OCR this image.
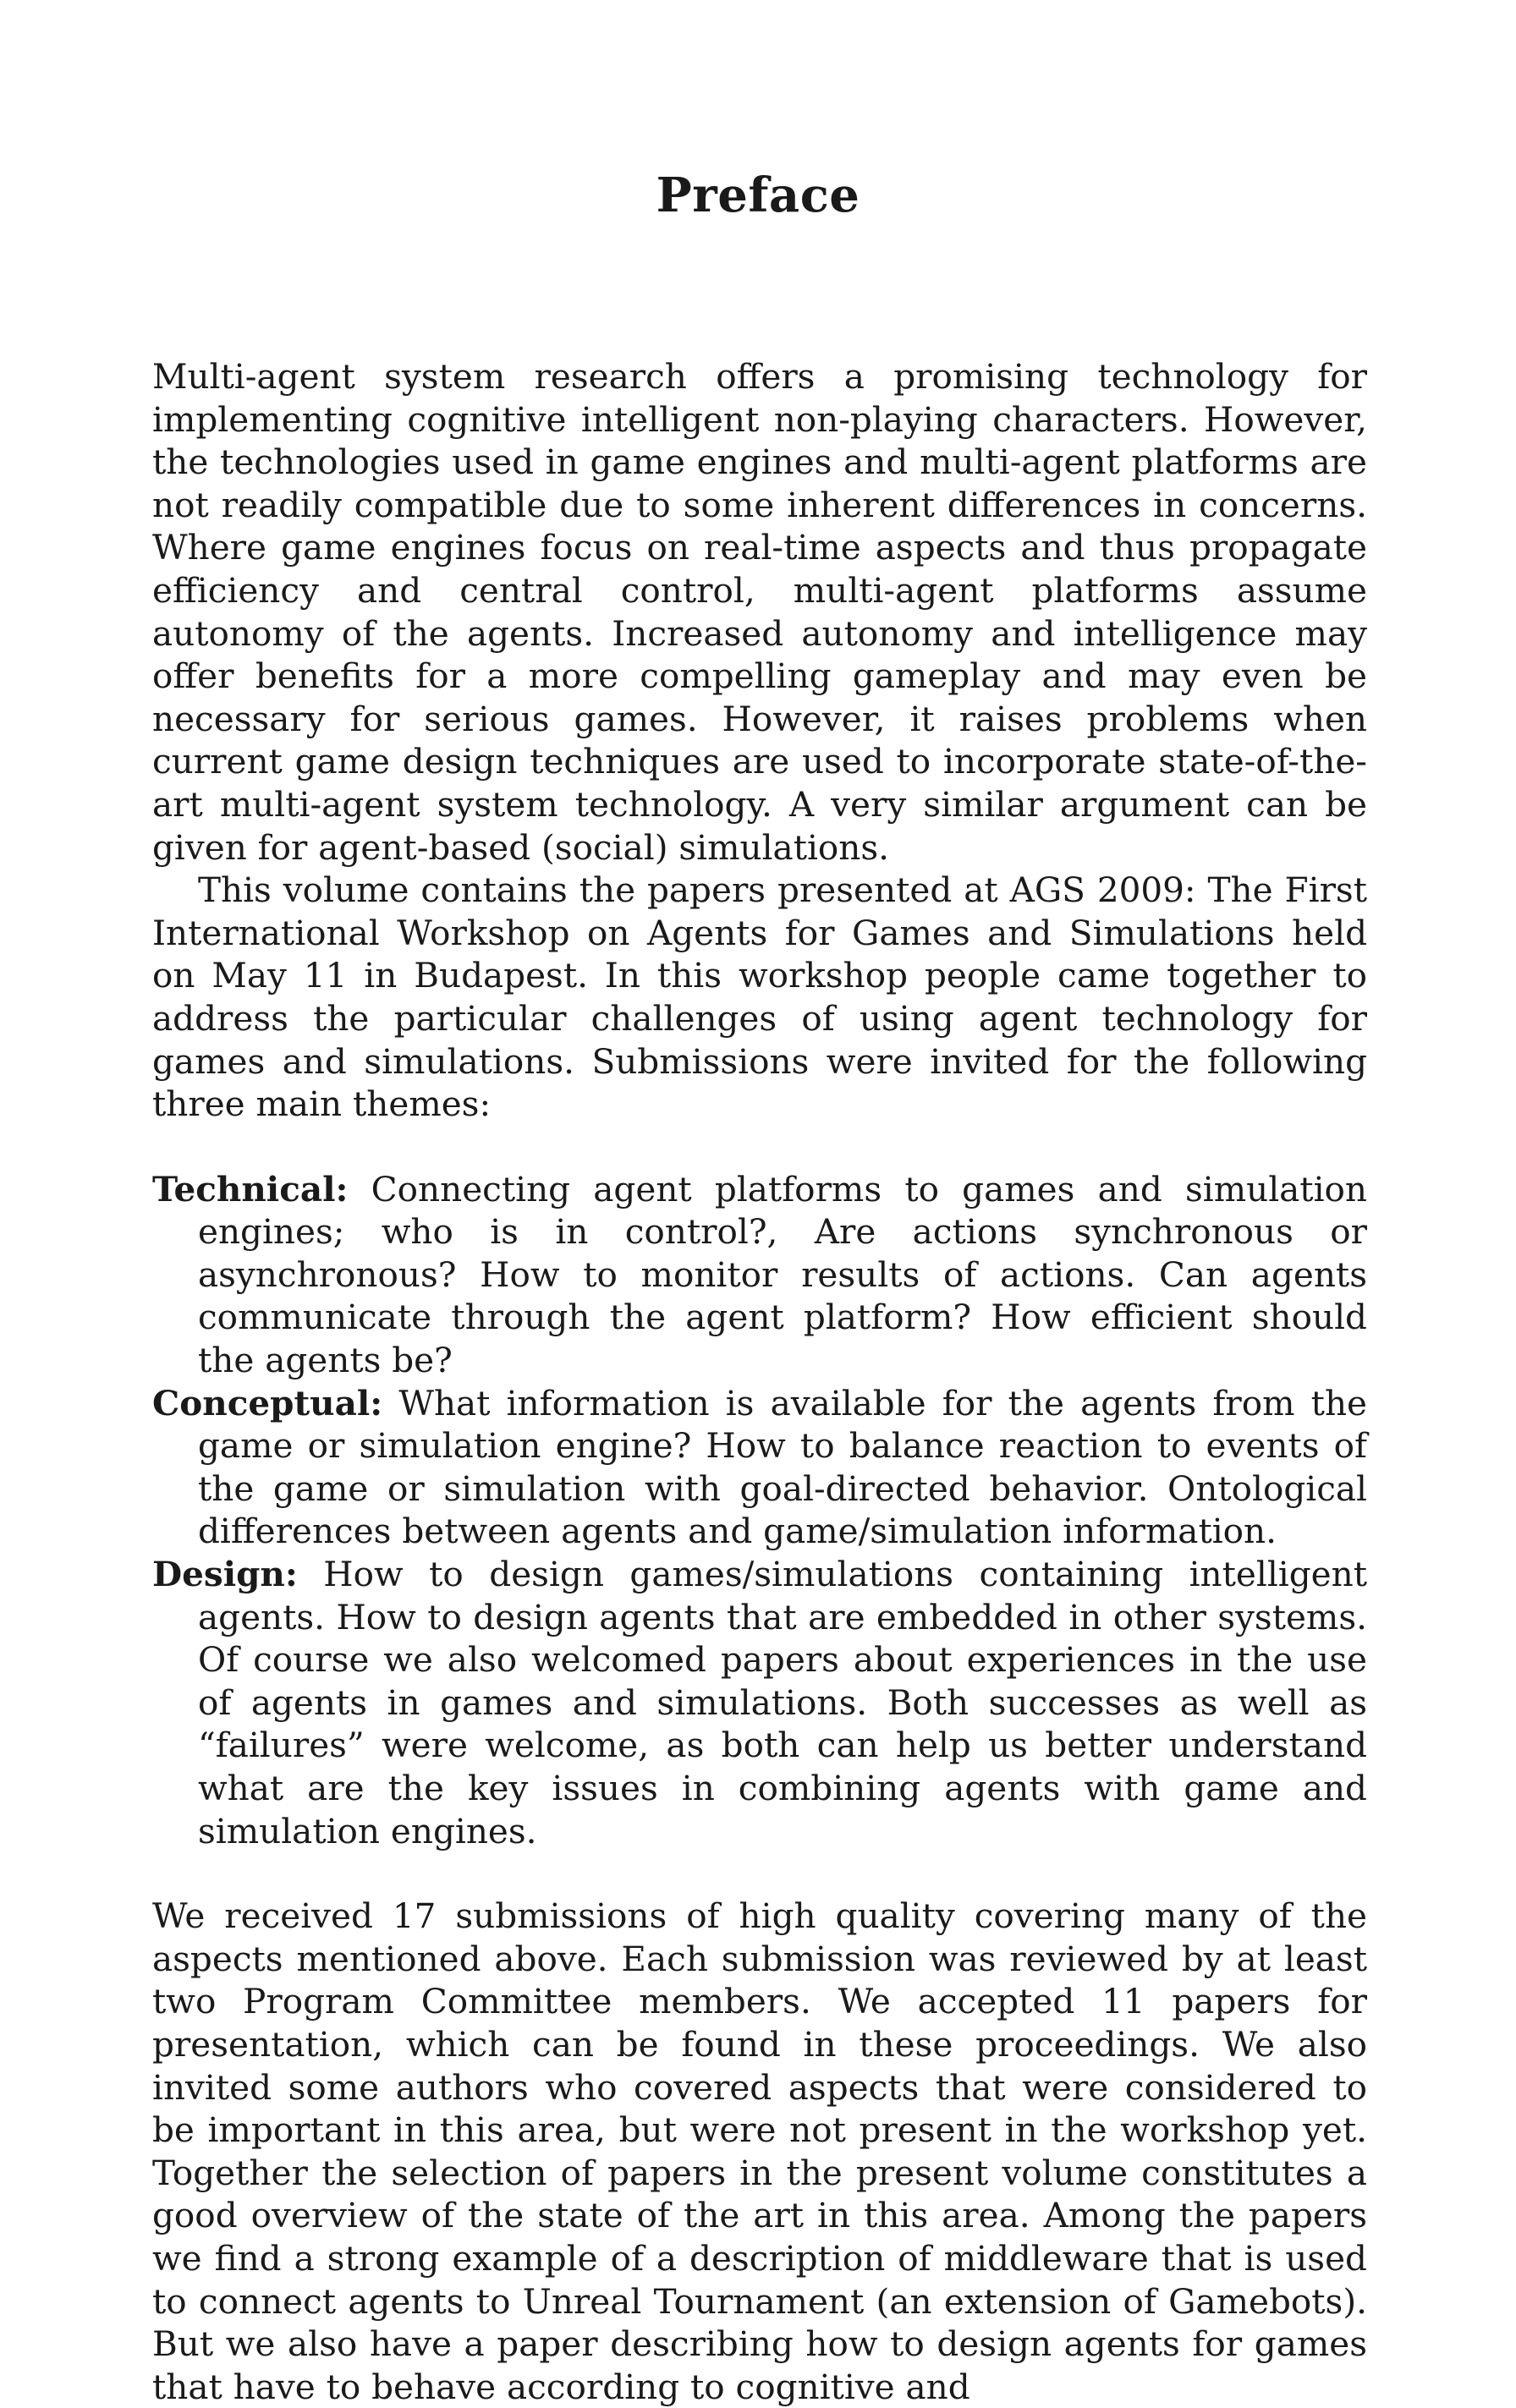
Preface

Multi-agent system research offers a promising technology for implementing cognitive intelligent non-playing characters. However, the technologies used in game engines and multi-agent platforms are not readily compatible due to some inherent differences in concerns. Where game engines focus on real-time aspects and thus propagate efficiency and central control, multi-agent platforms assume autonomy of the agents. Increased autonomy and intelligence may offer benefits for a more compelling gameplay and may even be necessary for serious games. However, it raises problems when current game design techniques are used to incorporate state-of-the-art multi-agent system technology. A very similar argument can be given for agent-based (social) simulations.

This volume contains the papers presented at AGS 2009: The First International Workshop on Agents for Games and Simulations held on May 11 in Budapest. In this workshop people came together to address the particular challenges of using agent technology for games and simulations. Submissions were invited for the following three main themes:

Technical: Connecting agent platforms to games and simulation engines; who is in control?, Are actions synchronous or asynchronous? How to monitor results of actions. Can agents communicate through the agent platform? How efficient should the agents be?

Conceptual: What information is available for the agents from the game or simulation engine? How to balance reaction to events of the game or simulation with goal-directed behavior. Ontological differences between agents and game/simulation information.

Design: How to design games/simulations containing intelligent agents. How to design agents that are embedded in other systems. Of course we also welcomed papers about experiences in the use of agents in games and simulations. Both successes as well as “failures” were welcome, as both can help us better understand what are the key issues in combining agents with game and simulation engines.

We received 17 submissions of high quality covering many of the aspects mentioned above. Each submission was reviewed by at least two Program Committee members. We accepted 11 papers for presentation, which can be found in these proceedings. We also invited some authors who covered aspects that were considered to be important in this area, but were not present in the workshop yet. Together the selection of papers in the present volume constitutes a good overview of the state of the art in this area. Among the papers we find a strong example of a description of middleware that is used to connect agents to Unreal Tournament (an extension of Gamebots). But we also have a paper describing how to design agents for games that have to behave according to cognitive and
